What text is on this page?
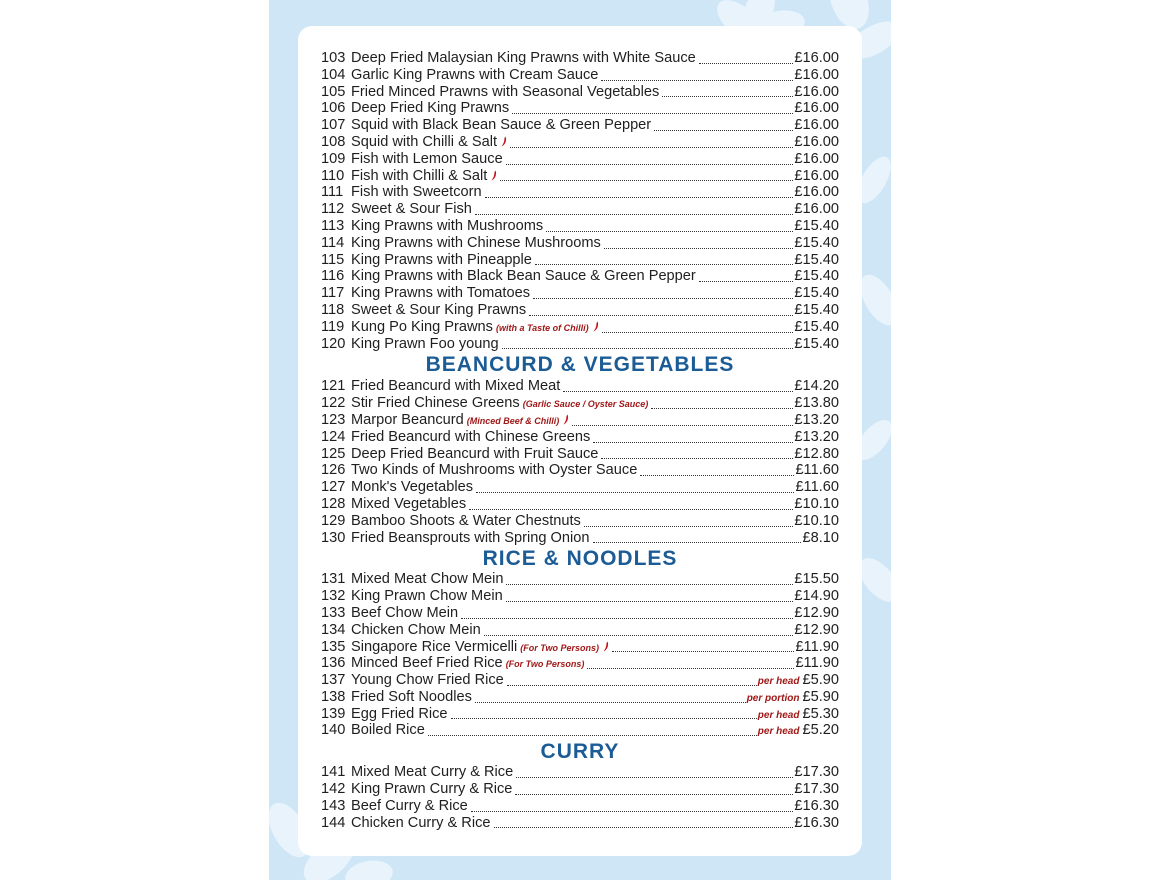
103 Deep Fried Malaysian King Prawns with White Sauce	£16.00
104 Garlic King Prawns with Cream Sauce	£16.00
105 Fried Minced Prawns with Seasonal Vegetables	£16.00
106 Deep Fried King Prawns	£16.00
107 Squid with Black Bean Sauce & Green Pepper	£16.00
108 Squid with Chilli & Salt	£16.00
109 Fish with Lemon Sauce	£16.00
110 Fish with Chilli & Salt	£16.00
111 Fish with Sweetcorn	£16.00
112 Sweet & Sour Fish	£16.00
113 King Prawns with Mushrooms	£15.40
114 King Prawns with Chinese Mushrooms	£15.40
115 King Prawns with Pineapple	£15.40
116 King Prawns with Black Bean Sauce & Green Pepper	£15.40
117 King Prawns with Tomatoes	£15.40
118 Sweet & Sour King Prawns	£15.40
119 Kung Po King Prawns (with a Taste of Chilli)	£15.40
120 King Prawn Foo young	£15.40
BEANCURD & VEGETABLES
121 Fried Beancurd with Mixed Meat	£14.20
122 Stir Fried Chinese Greens (Garlic Sauce / Oyster Sauce)	£13.80
123 Marpor Beancurd (Minced Beef & Chilli)	£13.20
124 Fried Beancurd with Chinese Greens	£13.20
125 Deep Fried Beancurd with Fruit Sauce	£12.80
126 Two Kinds of Mushrooms with Oyster Sauce	£11.60
127 Monk's Vegetables	£11.60
128 Mixed Vegetables	£10.10
129 Bamboo Shoots & Water Chestnuts	£10.10
130 Fried Beansprouts with Spring Onion	£8.10
RICE & NOODLES
131 Mixed Meat Chow Mein	£15.50
132 King Prawn Chow Mein	£14.90
133 Beef Chow Mein	£12.90
134 Chicken Chow Mein	£12.90
135 Singapore Rice Vermicelli (For Two Persons)	£11.90
136 Minced Beef Fried Rice (For Two Persons)	£11.90
137 Young Chow Fried Rice	per head £5.90
138 Fried Soft Noodles	per portion £5.90
139 Egg Fried Rice	per head £5.30
140 Boiled Rice	per head £5.20
CURRY
141 Mixed Meat Curry & Rice	£17.30
142 King Prawn Curry & Rice	£17.30
143 Beef Curry & Rice	£16.30
144 Chicken Curry & Rice	£16.30
